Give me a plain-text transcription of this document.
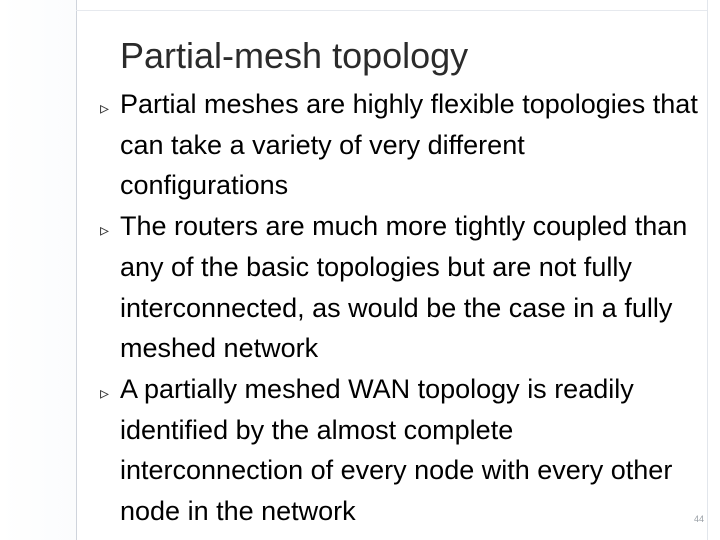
Partial-mesh topology
▹ Partial meshes are highly flexible topologies that can take a variety of very different configurations
▹ The routers are much more tightly coupled than any of the basic topologies but are not fully interconnected, as would be the case in a fully meshed network
▹ A partially meshed WAN topology is readily identified by the almost complete interconnection of every node with every other node in the network	44
